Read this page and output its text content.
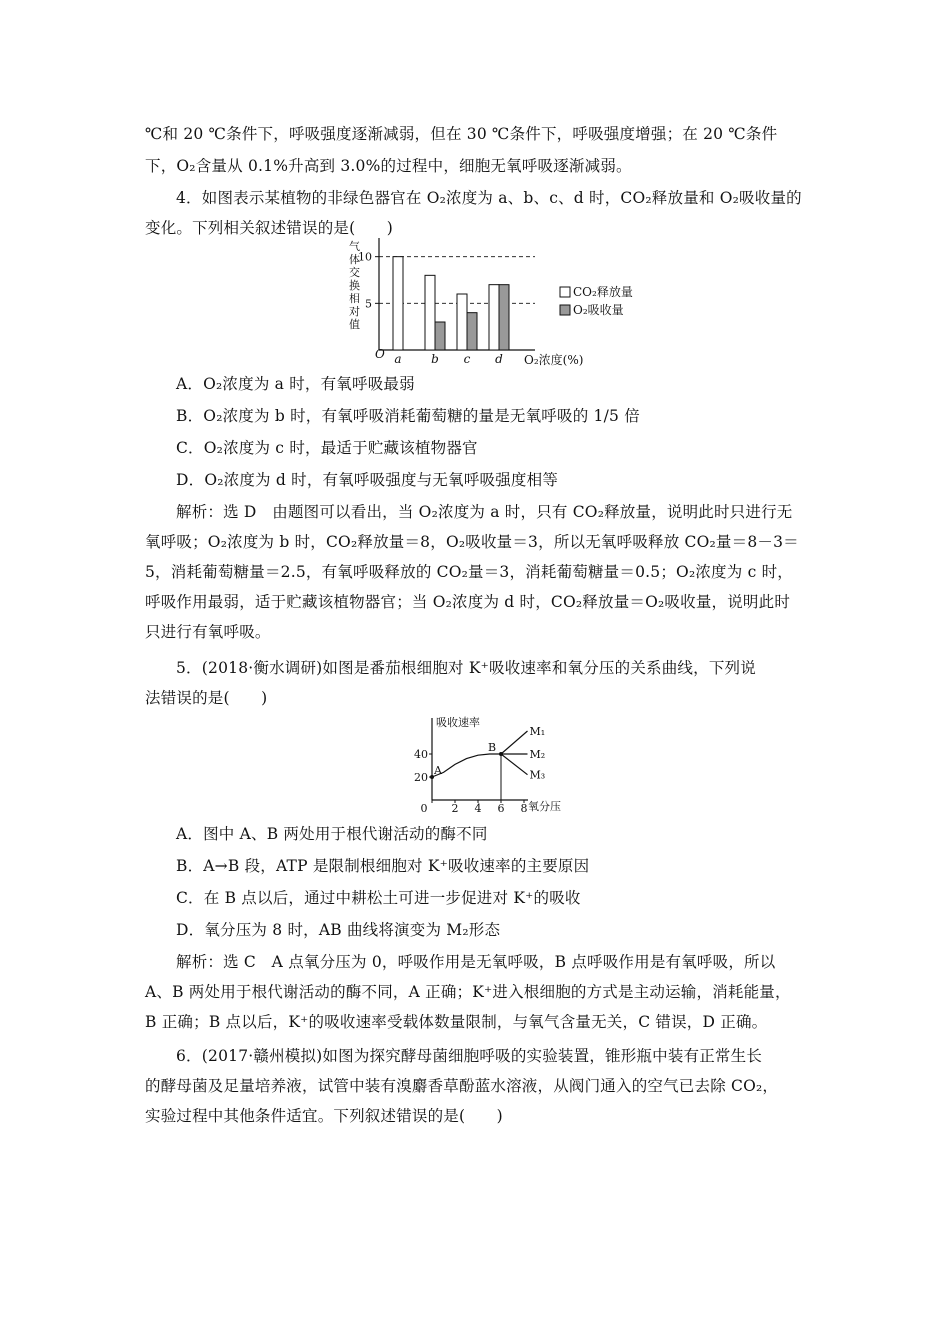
℃和 20 ℃条件下，呼吸强度逐渐减弱，但在 30 ℃条件下，呼吸强度增强；在 20 ℃条件
下，O₂含量从 0.1%升高到 3.0%的过程中，细胞无氧呼吸逐渐减弱。
4．如图表示某植物的非绿色器官在 O₂浓度为 a、b、c、d 时，CO₂释放量和 O₂吸收量的
变化。下列相关叙述错误的是(　　)
气
体
交
换
相
对
值
O
5
10
a b c d O₂浓度(%)
CO₂释放量
O₂吸收量
A．O₂浓度为 a 时，有氧呼吸最弱
B．O₂浓度为 b 时，有氧呼吸消耗葡萄糖的量是无氧呼吸的 1/5 倍
C．O₂浓度为 c 时，最适于贮藏该植物器官
D．O₂浓度为 d 时，有氧呼吸强度与无氧呼吸强度相等
解析：选 D　由题图可以看出，当 O₂浓度为 a 时，只有 CO₂释放量，说明此时只进行无
氧呼吸；O₂浓度为 b 时，CO₂释放量＝8，O₂吸收量＝3，所以无氧呼吸释放 CO₂量＝8－3＝
5，消耗葡萄糖量＝2.5，有氧呼吸释放的 CO₂量＝3，消耗葡萄糖量＝0.5；O₂浓度为 c 时，
呼吸作用最弱，适于贮藏该植物器官；当 O₂浓度为 d 时，CO₂释放量＝O₂吸收量，说明此时
只进行有氧呼吸。
5．(2018·衡水调研)如图是番茄根细胞对 K⁺吸收速率和氧分压的关系曲线，下列说
法错误的是(　　)
吸收速率
氧分压
0 2 4 6 8
20
40
M₁
M₂
M₃
A
B
A．图中 A、B 两处用于根代谢活动的酶不同
B．A→B 段，ATP 是限制根细胞对 K⁺吸收速率的主要原因
C．在 B 点以后，通过中耕松土可进一步促进对 K⁺的吸收
D．氧分压为 8 时，AB 曲线将演变为 M₂形态
解析：选 C　A 点氧分压为 0，呼吸作用是无氧呼吸，B 点呼吸作用是有氧呼吸，所以
A、B 两处用于根代谢活动的酶不同，A 正确；K⁺进入根细胞的方式是主动运输，消耗能量，
B 正确；B 点以后，K⁺的吸收速率受载体数量限制，与氧气含量无关，C 错误，D 正确。
6．(2017·赣州模拟)如图为探究酵母菌细胞呼吸的实验装置，锥形瓶中装有正常生长
的酵母菌及足量培养液，试管中装有溴麝香草酚蓝水溶液，从阀门通入的空气已去除 CO₂，
实验过程中其他条件适宜。下列叙述错误的是(　　)
